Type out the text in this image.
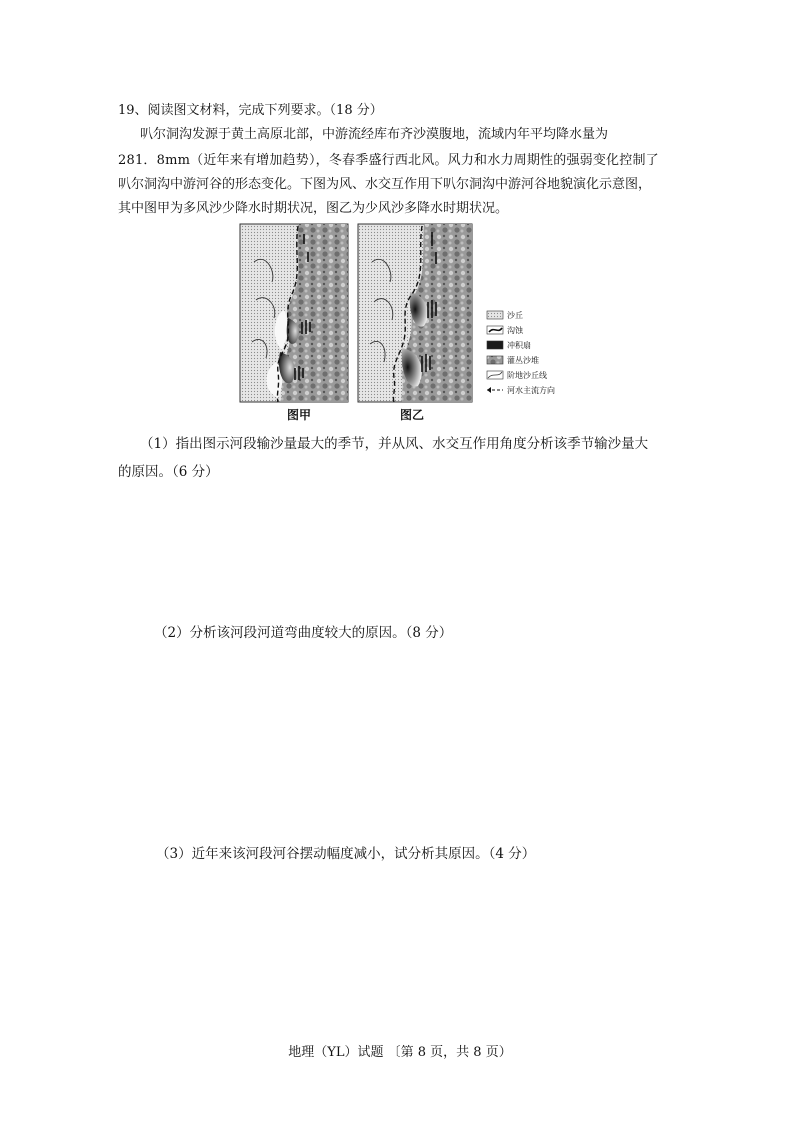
19、阅读图文材料，完成下列要求。（18 分）
叭尔洞沟发源于黄土高原北部，中游流经库布齐沙漠腹地，流域内年平均降水量为
281．8mm（近年来有增加趋势），冬春季盛行西北风。风力和水力周期性的强弱变化控制了
叭尔洞沟中游河谷的形态变化。下图为风、水交互作用下叭尔洞沟中游河谷地貌演化示意图，
其中图甲为多风沙少降水时期状况，图乙为少风沙多降水时期状况。
沙丘
沟蚀
冲积扇
灌丛沙堆
阶地沙丘线
河水主流方向
图甲	图乙
（1）指出图示河段输沙量最大的季节，并从风、水交互作用角度分析该季节输沙量大
的原因。（6 分）
（2）分析该河段河道弯曲度较大的原因。（8 分）
（3）近年来该河段河谷摆动幅度减小，试分析其原因。（4 分）
地理（YL）试题 〔第 8 页，共 8 页）
